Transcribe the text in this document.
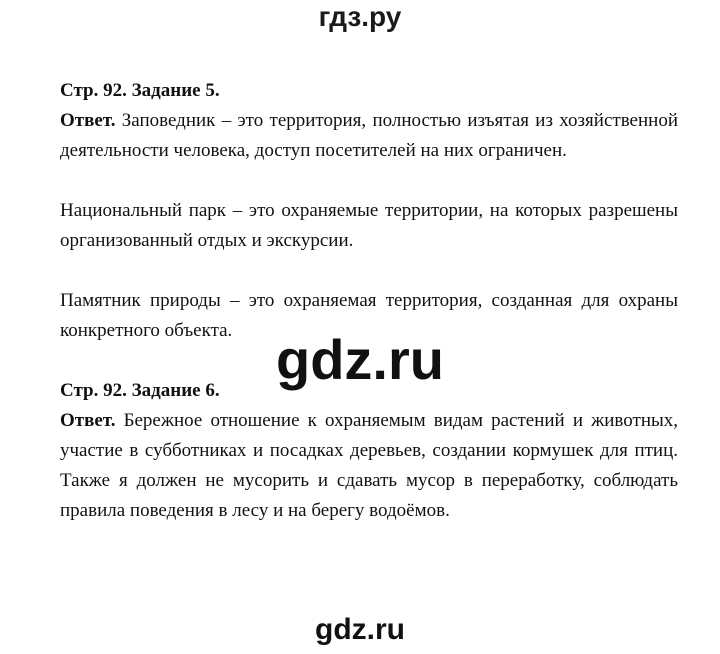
гдз.ру

Стр. 92. Задание 5.

Ответ. Заповедник – это территория, полностью изъятая из хозяйственной деятельности человека, доступ посетителей на них ограничен.

Национальный парк – это охраняемые территории, на которых разрешены организованный отдых и экскурсии.

Памятник природы – это охраняемая территория, созданная для охраны конкретного объекта.

Стр. 92. Задание 6.

Ответ. Бережное отношение к охраняемым видам растений и животных, участие в субботниках и посадках деревьев, создании кормушек для птиц. Также я должен не мусорить и сдавать мусор в переработку, соблюдать правила поведения в лесу и на берегу водоёмов.

gdz.ru
gdz.ru
